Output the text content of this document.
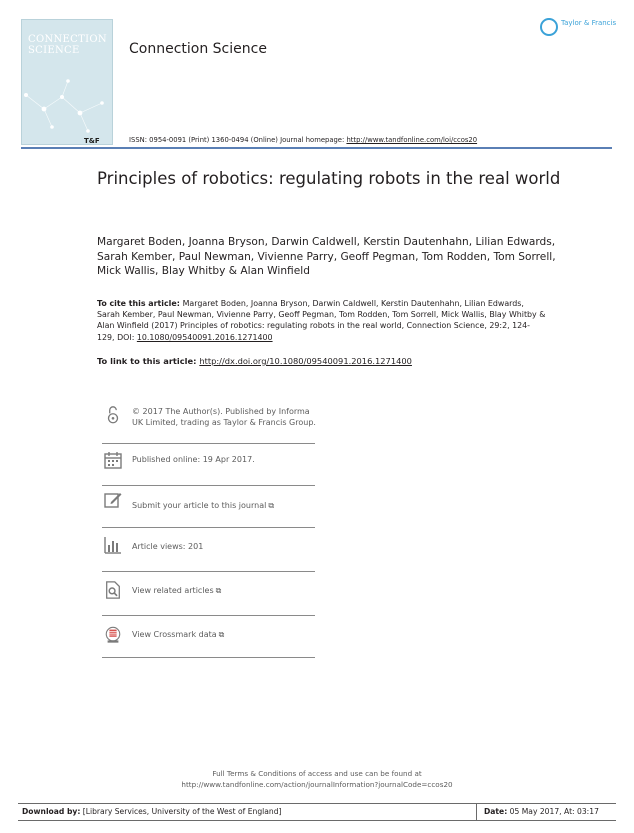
CONNECTION
SCIENCE
T&F
Connection Science
Taylor & Francis
ISSN: 0954-0091 (Print) 1360-0494 (Online) Journal homepage: http://www.tandfonline.com/loi/ccos20
Principles of robotics: regulating robots in the real world
Margaret Boden, Joanna Bryson, Darwin Caldwell, Kerstin Dautenhahn, Lilian Edwards, Sarah Kember, Paul Newman, Vivienne Parry, Geoff Pegman, Tom Rodden, Tom Sorrell, Mick Wallis, Blay Whitby & Alan Winfield
To cite this article: Margaret Boden, Joanna Bryson, Darwin Caldwell, Kerstin Dautenhahn, Lilian Edwards, Sarah Kember, Paul Newman, Vivienne Parry, Geoff Pegman, Tom Rodden, Tom Sorrell, Mick Wallis, Blay Whitby & Alan Winfield (2017) Principles of robotics: regulating robots in the real world, Connection Science, 29:2, 124-129, DOI: 10.1080/09540091.2016.1271400
To link to this article: http://dx.doi.org/10.1080/09540091.2016.1271400
© 2017 The Author(s). Published by Informa UK Limited, trading as Taylor & Francis Group.
Published online: 19 Apr 2017.
Submit your article to this journal ⧉
Article views: 201
View related articles ⧉
View Crossmark data ⧉
Full Terms & Conditions of access and use can be found at
http://www.tandfonline.com/action/journalInformation?journalCode=ccos20
Download by: [Library Services, University of the West of England]	Date: 05 May 2017, At: 03:17
